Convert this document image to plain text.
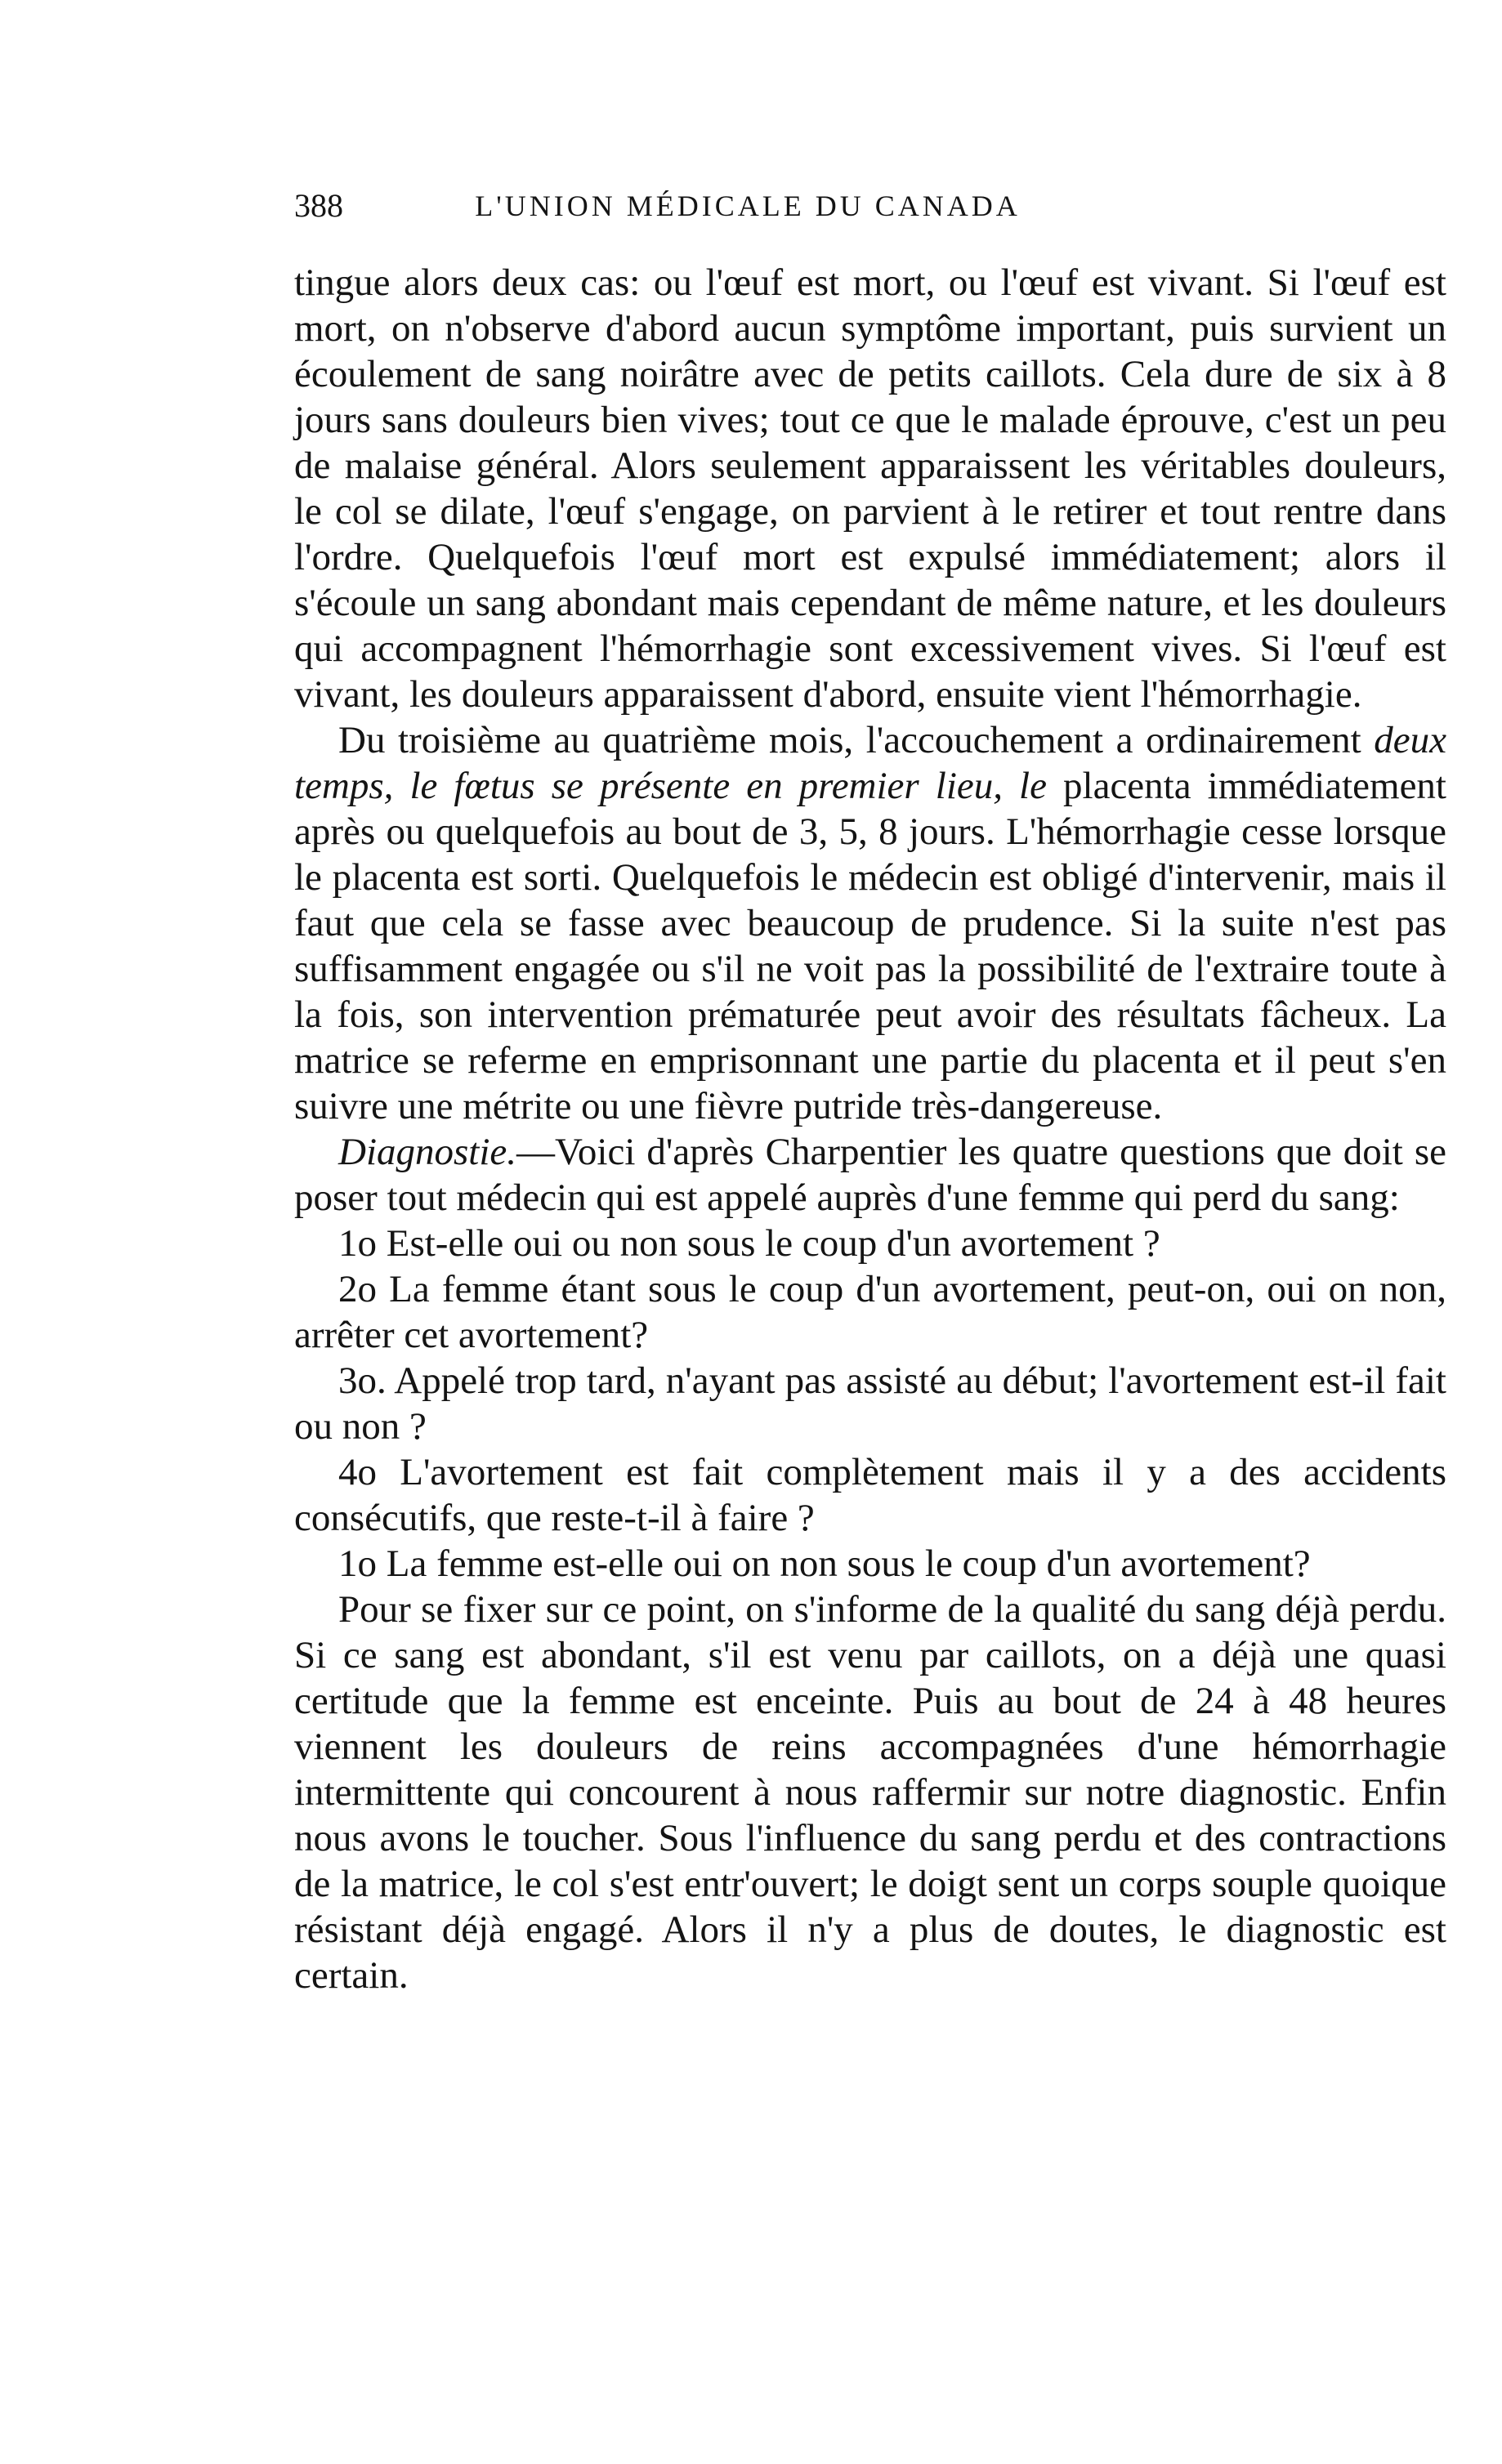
388	L'UNION MÉDICALE DU CANADA

tingue alors deux cas: ou l'œuf est mort, ou l'œuf est vivant. Si l'œuf est mort, on n'observe d'abord aucun symptôme important, puis survient un écoulement de sang noirâtre avec de petits caillots. Cela dure de six à 8 jours sans douleurs bien vives; tout ce que le malade éprouve, c'est un peu de malaise général. Alors seulement apparaissent les véritables douleurs, le col se dilate, l'œuf s'engage, on parvient à le retirer et tout rentre dans l'ordre. Quelquefois l'œuf mort est expulsé immédiatement; alors il s'écoule un sang abondant mais cependant de même nature, et les douleurs qui accompagnent l'hémorrhagie sont excessivement vives. Si l'œuf est vivant, les douleurs apparaissent d'abord, ensuite vient l'hémorrhagie.

Du troisième au quatrième mois, l'accouchement a ordinairement deux temps, le fœtus se présente en premier lieu, le placenta immédiatement après ou quelquefois au bout de 3, 5, 8 jours. L'hémorrhagie cesse lorsque le placenta est sorti. Quelquefois le médecin est obligé d'intervenir, mais il faut que cela se fasse avec beaucoup de prudence. Si la suite n'est pas suffisamment engagée ou s'il ne voit pas la possibilité de l'extraire toute à la fois, son intervention prématurée peut avoir des résultats fâcheux. La matrice se referme en emprisonnant une partie du placenta et il peut s'en suivre une métrite ou une fièvre putride très-dangereuse.

Diagnostie.—Voici d'après Charpentier les quatre questions que doit se poser tout médecin qui est appelé auprès d'une femme qui perd du sang:

1o Est-elle oui ou non sous le coup d'un avortement ?

2o La femme étant sous le coup d'un avortement, peut-on, oui on non, arrêter cet avortement?

3o. Appelé trop tard, n'ayant pas assisté au début; l'avortement est-il fait ou non ?

4o L'avortement est fait complètement mais il y a des accidents consécutifs, que reste-t-il à faire ?

1o La femme est-elle oui on non sous le coup d'un avortement?

Pour se fixer sur ce point, on s'informe de la qualité du sang déjà perdu. Si ce sang est abondant, s'il est venu par caillots, on a déjà une quasi certitude que la femme est enceinte. Puis au bout de 24 à 48 heures viennent les douleurs de reins accompagnées d'une hémorrhagie intermittente qui concourent à nous raffermir sur notre diagnostic. Enfin nous avons le toucher. Sous l'influence du sang perdu et des contractions de la matrice, le col s'est entr'ouvert; le doigt sent un corps souple quoique résistant déjà engagé. Alors il n'y a plus de doutes, le diagnostic est certain.
